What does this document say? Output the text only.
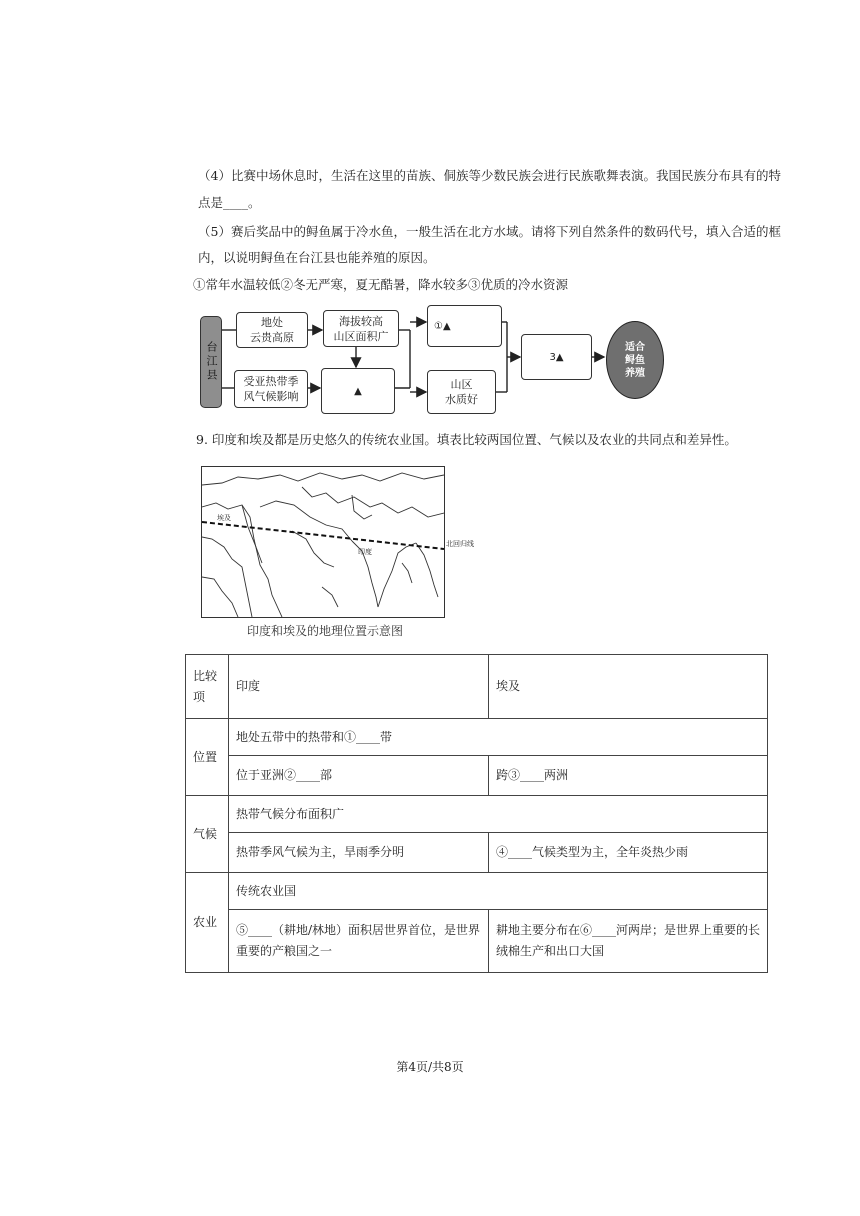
（4）比赛中场休息时，生活在这里的苗族、侗族等少数民族会进行民族歌舞表演。我国民族分布具有的特
点是____。
（5）赛后奖品中的鲟鱼属于冷水鱼，一般生活在北方水域。请将下列自然条件的数码代号，填入合适的框
内，以说明鲟鱼在台江县也能养殖的原因。
①常年水温较低②冬无严寒，夏无酷暑，降水较多③优质的冷水资源
台江县
地处
云贵高原
受亚热带季
风气候影响
海拔较高
山区面积广
▲
①▲
山区
水质好
3▲
适合
鲟鱼
养殖
9. 印度和埃及都是历史悠久的传统农业国。填表比较两国位置、气候以及农业的共同点和差异性。
埃及
印度
北回归线
印度和埃及的地理位置示意图
比较项	印度	埃及
位置	地处五带中的热带和①____带	
	位于亚洲②____部	跨③____两洲
气候	热带气候分布面积广	
	热带季风气候为主，旱雨季分明	④____气候类型为主，全年炎热少雨
农业	传统农业国	
	⑤____（耕地/林地）面积居世界首位，是世界重要的产粮国之一	耕地主要分布在⑥____河两岸；是世界上重要的长绒棉生产和出口大国
第4页/共8页
